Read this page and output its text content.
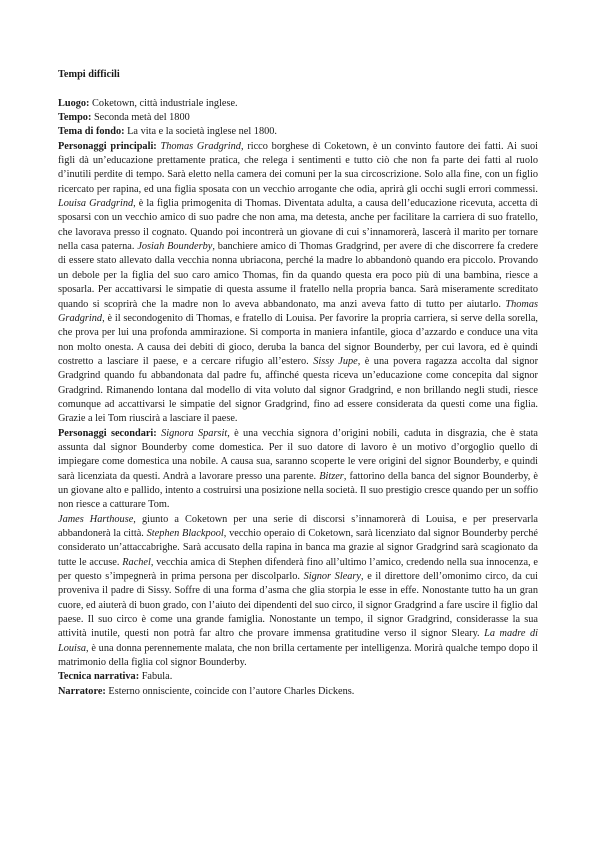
Tempi difficili

Luogo: Coketown, città industriale inglese.

Tempo: Seconda metà del 1800

Tema di fondo: La vita e la società inglese nel 1800.

Personaggi principali: Thomas Gradgrind, ricco borghese di Coketown, è un convinto fautore dei fatti. Ai suoi figli dà un’educazione prettamente pratica, che relega i sentimenti e tutto ciò che non fa parte dei fatti al ruolo d’inutili perdite di tempo. Sarà eletto nella camera dei comuni per la sua circoscrizione. Solo alla fine, con un figlio ricercato per rapina, ed una figlia sposata con un vecchio arrogante che odia, aprirà gli occhi sugli errori commessi. Louisa Gradgrind, è la figlia primogenita di Thomas. Diventata adulta, a causa dell’educazione ricevuta, accetta di sposarsi con un vecchio amico di suo padre che non ama, ma detesta, anche per facilitare la carriera di suo fratello, che lavorava presso il cognato. Quando poi incontrerà un giovane di cui s’innamorerà, lascerà il marito per tornare nella casa paterna. Josiah Bounderby, banchiere amico di Thomas Gradgrind, per avere di che discorrere fa credere di essere stato allevato dalla vecchia nonna ubriacona, perché la madre lo abbandonò quando era piccolo. Provando un debole per la figlia del suo caro amico Thomas, fin da quando questa era poco più di una bambina, riesce a sposarla. Per accattivarsi le simpatie di questa assume il fratello nella propria banca. Sarà miseramente screditato quando si scoprirà che la madre non lo aveva abbandonato, ma anzi aveva fatto di tutto per aiutarlo. Thomas Gradgrind, è il secondogenito di Thomas, e fratello di Louisa. Per favorire la propria carriera, si serve della sorella, che prova per lui una profonda ammirazione. Si comporta in maniera infantile, gioca d’azzardo e conduce una vita non molto onesta. A causa dei debiti di gioco, deruba la banca del signor Bounderby, per cui lavora, ed è quindi costretto a lasciare il paese, e a cercare rifugio all’estero. Sissy Jupe, è una povera ragazza accolta dal signor Gradgrind quando fu abbandonata dal padre fu, affinché questa riceva un’educazione come concepita dal signor Gradgrind. Rimanendo lontana dal modello di vita voluto dal signor Gradgrind, e non brillando negli studi, riesce comunque ad accattivarsi le simpatie del signor Gradgrind, fino ad essere considerata da questi come una figlia. Grazie a lei Tom riuscirà a lasciare il paese.

Personaggi secondari: Signora Sparsit, è una vecchia signora d’origini nobili, caduta in disgrazia, che è stata assunta dal signor Bounderby come domestica. Per il suo datore di lavoro è un motivo d’orgoglio quello di impiegare come domestica una nobile. A causa sua, saranno scoperte le vere origini del signor Bounderby, e quindi sarà licenziata da questi. Andrà a lavorare presso una parente. Bitzer, fattorino della banca del signor Bounderby, è un giovane alto e pallido, intento a costruirsi una posizione nella società. Il suo prestigio cresce quando per un soffio non riesce a catturare Tom.

James Harthouse, giunto a Coketown per una serie di discorsi s’innamorerà di Louisa, e per preservarla abbandonerà la città. Stephen Blackpool, vecchio operaio di Coketown, sarà licenziato dal signor Bounderby perché considerato un’attaccabrighe. Sarà accusato della rapina in banca ma grazie al signor Gradgrind sarà scagionato da tutte le accuse. Rachel, vecchia amica di Stephen difenderà fino all’ultimo l’amico, credendo nella sua innocenza, e per questo s’impegnerà in prima persona per discolparlo. Signor Sleary, e il direttore dell’omonimo circo, da cui proveniva il padre di Sissy. Soffre di una forma d’asma che glia storpia le esse in effe. Nonostante tutto ha un gran cuore, ed aiuterà di buon grado, con l’aiuto dei dipendenti del suo circo, il signor Gradgrind a fare uscire il figlio dal paese. Il suo circo è come una grande famiglia. Nonostante un tempo, il signor Gradgrind, considerasse la sua attività inutile, questi non potrà far altro che provare immensa gratitudine verso il signor Sleary. La madre di Louisa, è una donna perennemente malata, che non brilla certamente per intelligenza. Morirà qualche tempo dopo il matrimonio della figlia col signor Bounderby.

Tecnica narrativa: Fabula.

Narratore: Esterno onnisciente, coincide con l’autore Charles Dickens.
